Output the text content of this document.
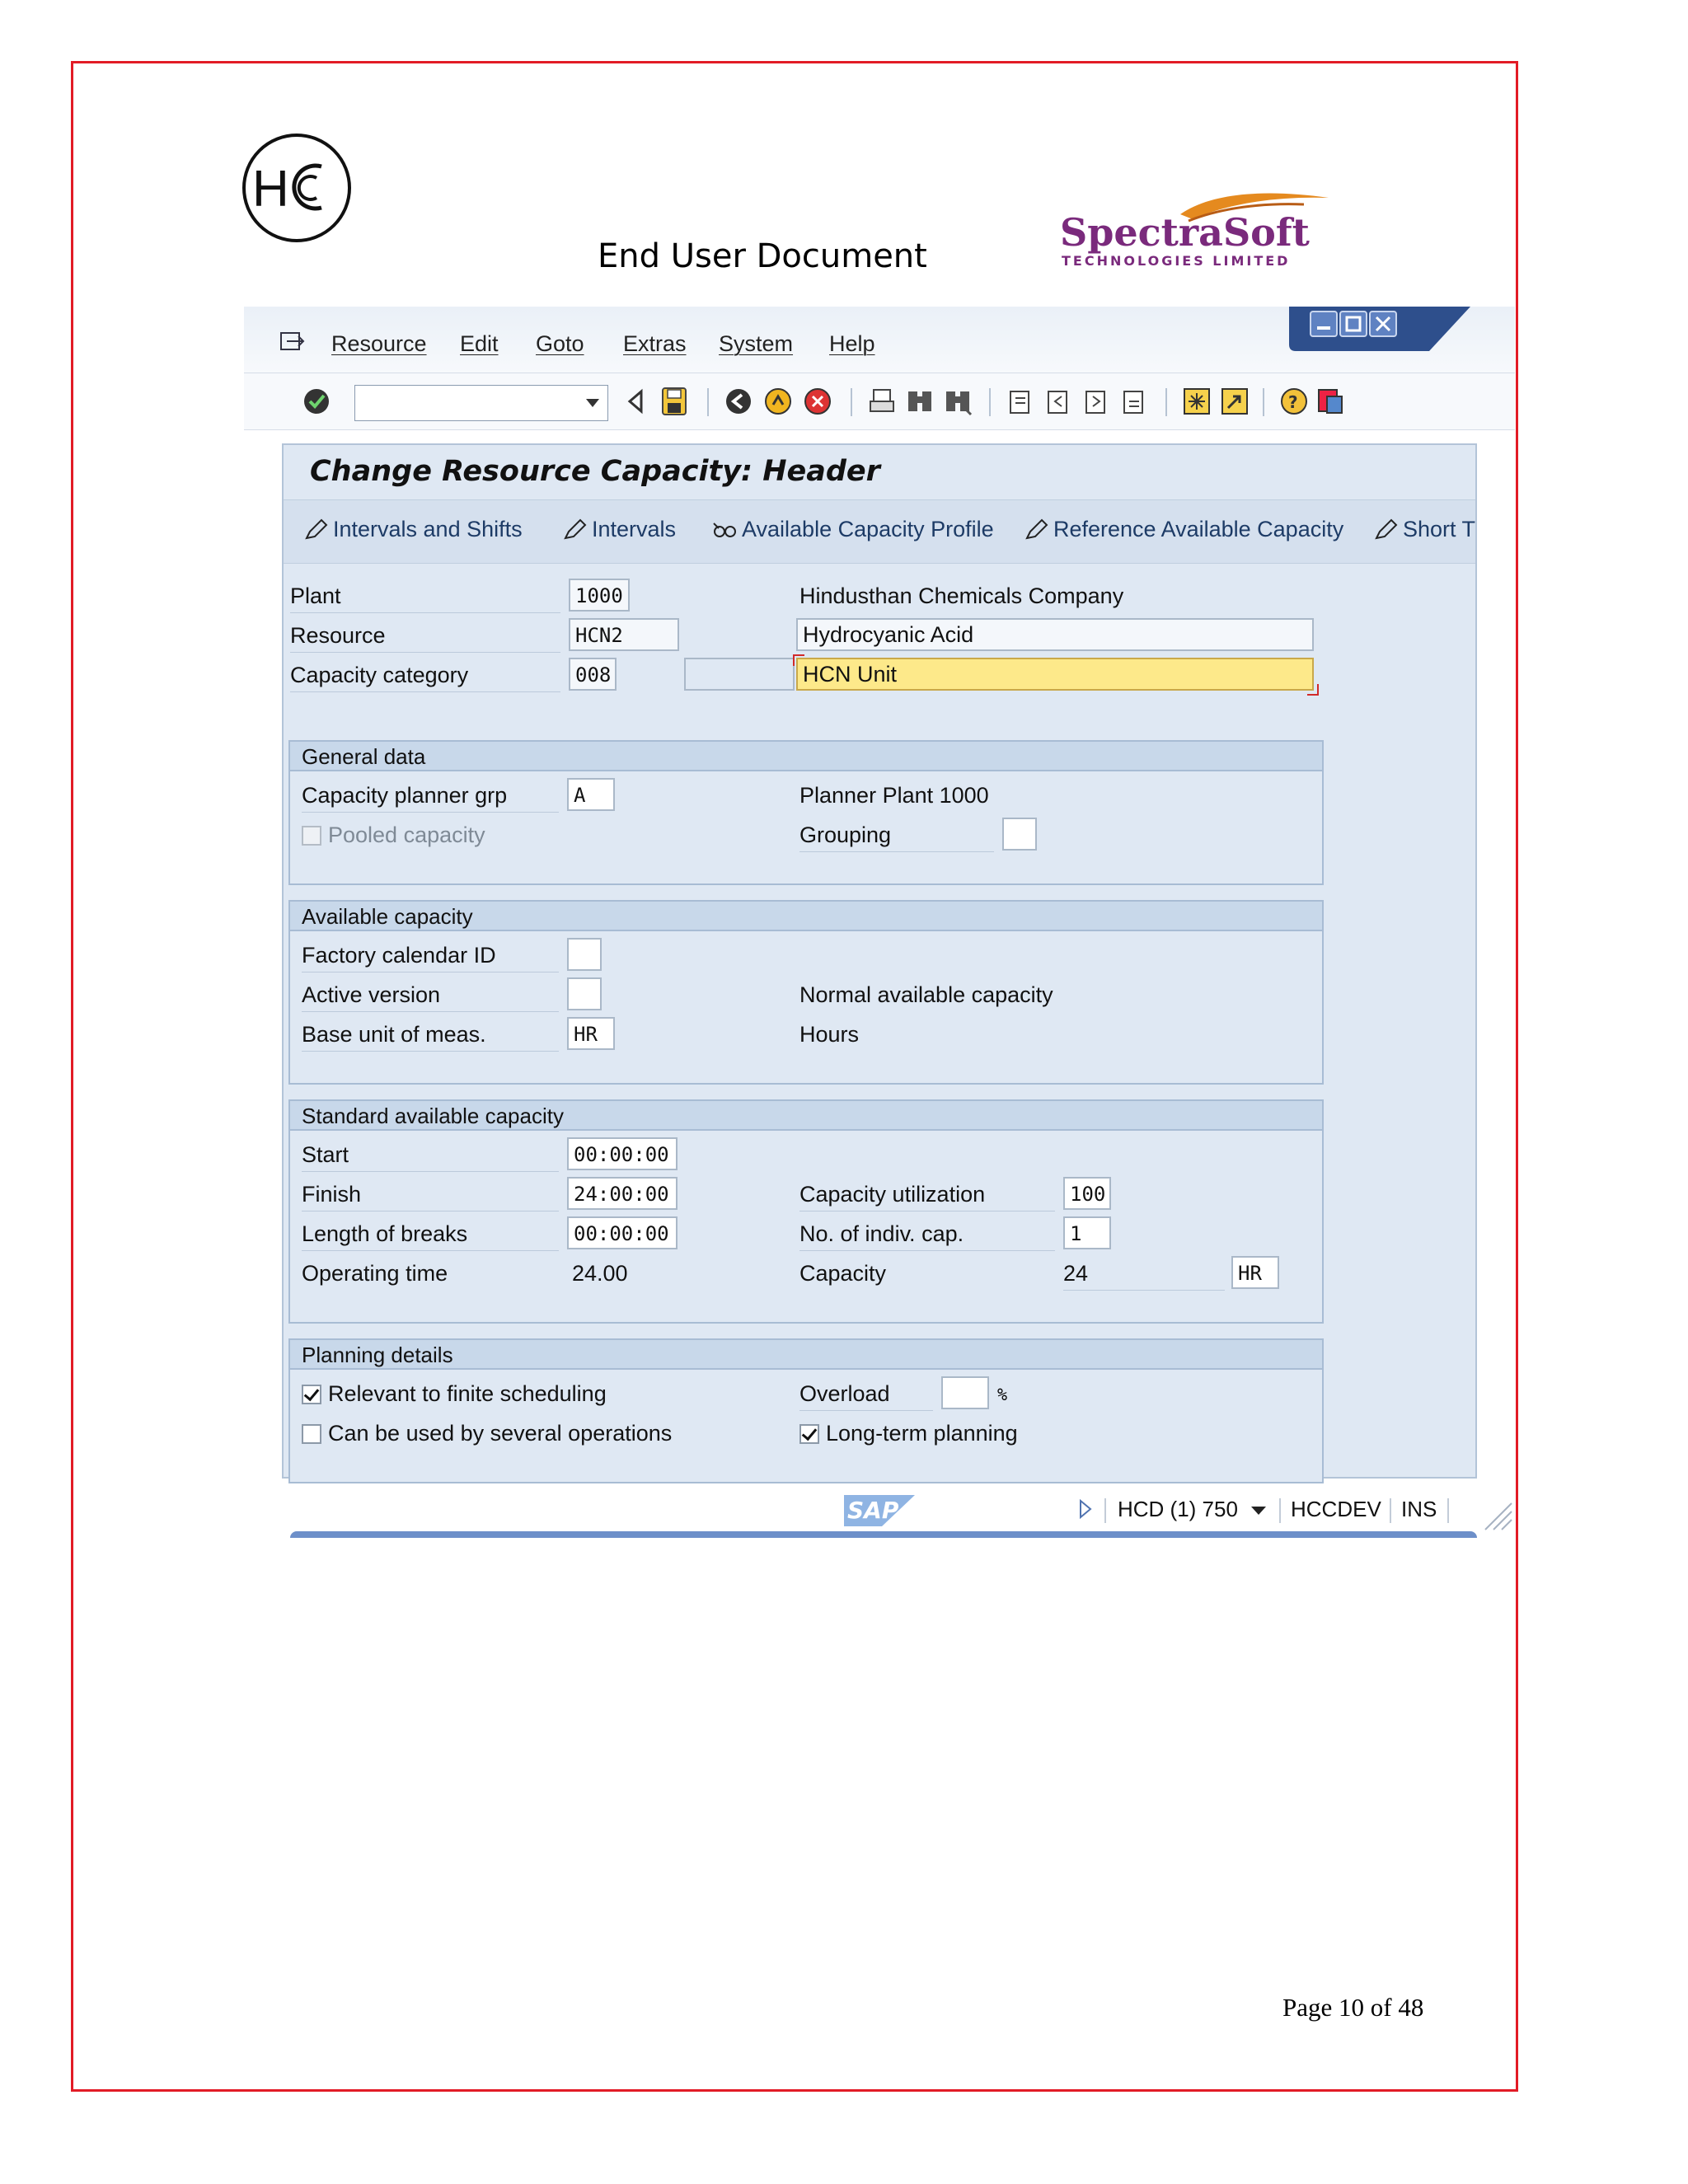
H
End User Document
SpectraSoft
TECHNOLOGIES LIMITED
Resource Edit Goto Extras System Help
?
Change Resource Capacity: Header
Intervals and Shifts	Intervals	Available Capacity Profile	Reference Available Capacity	Short T
Plant	1000	Hindusthan Chemicals Company
Resource	HCN2	Hydrocyanic Acid
Capacity category	008	HCN Unit
General data
Capacity planner grp	A	Planner Plant 1000
Pooled capacity	Grouping
Available capacity
Factory calendar ID
Active version	Normal available capacity
Base unit of meas.	HR	Hours
Standard available capacity
Start	00:00:00
Finish	24:00:00	Capacity utilization	100
Length of breaks	00:00:00	No. of indiv. cap.	1
Operating time	24.00	Capacity	24	HR
Planning details
Relevant to finite scheduling	Overload	%
Can be used by several operations	Long-term planning
SAP	HCD (1) 750 HCCDEV INS
Page 10 of 48
